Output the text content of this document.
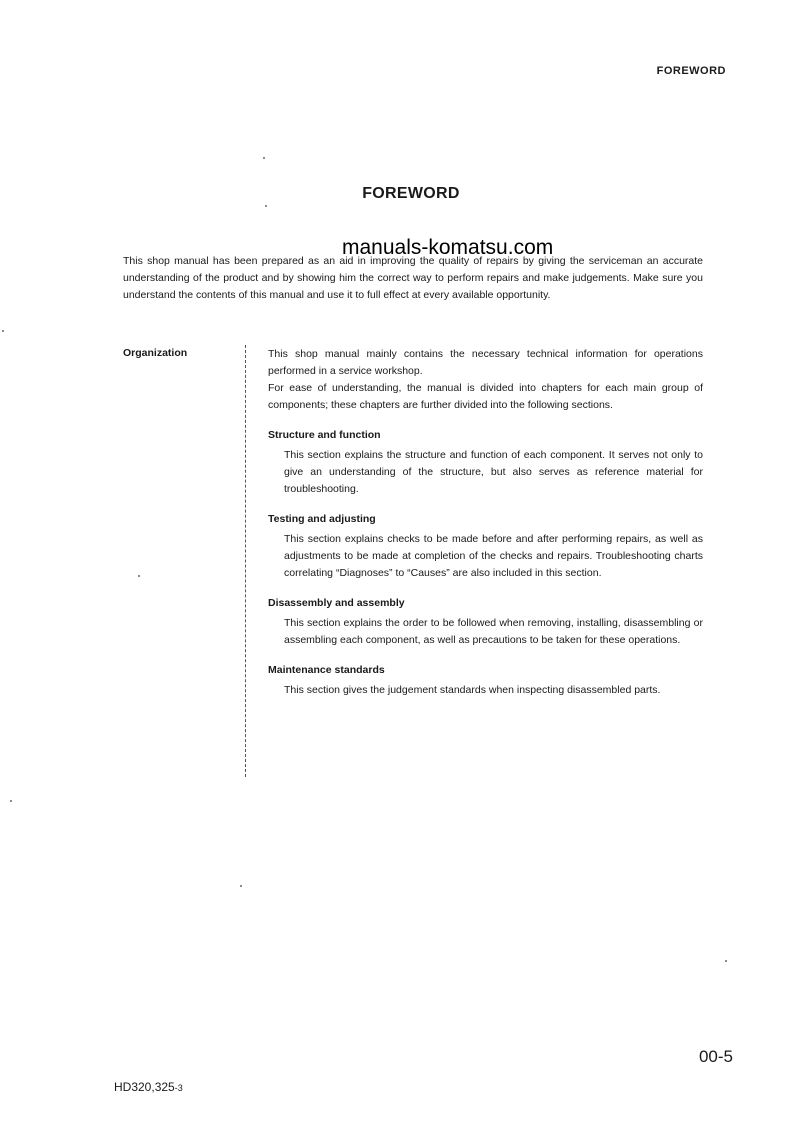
FOREWORD
FOREWORD
manuals-komatsu.com
This shop manual has been prepared as an aid in improving the quality of repairs by giving the serviceman an accurate understanding of the product and by showing him the correct way to perform repairs and make judgements. Make sure you understand the contents of this manual and use it to full effect at every available opportunity.
Organization	This shop manual mainly contains the necessary technical information for operations performed in a service workshop.
For ease of understanding, the manual is divided into chapters for each main group of components; these chapters are further divided into the following sections.
Structure and function
This section explains the structure and function of each component. It serves not only to give an understanding of the structure, but also serves as reference material for troubleshooting.
Testing and adjusting
This section explains checks to be made before and after performing repairs, as well as adjustments to be made at completion of the checks and repairs. Troubleshooting charts correlating “Diagnoses” to “Causes” are also included in this section.
Disassembly and assembly
This section explains the order to be followed when removing, installing, disassembling or assembling each component, as well as precautions to be taken for these operations.
Maintenance standards
This section gives the judgement standards when inspecting disassembled parts.
HD320,325-3
00-5
